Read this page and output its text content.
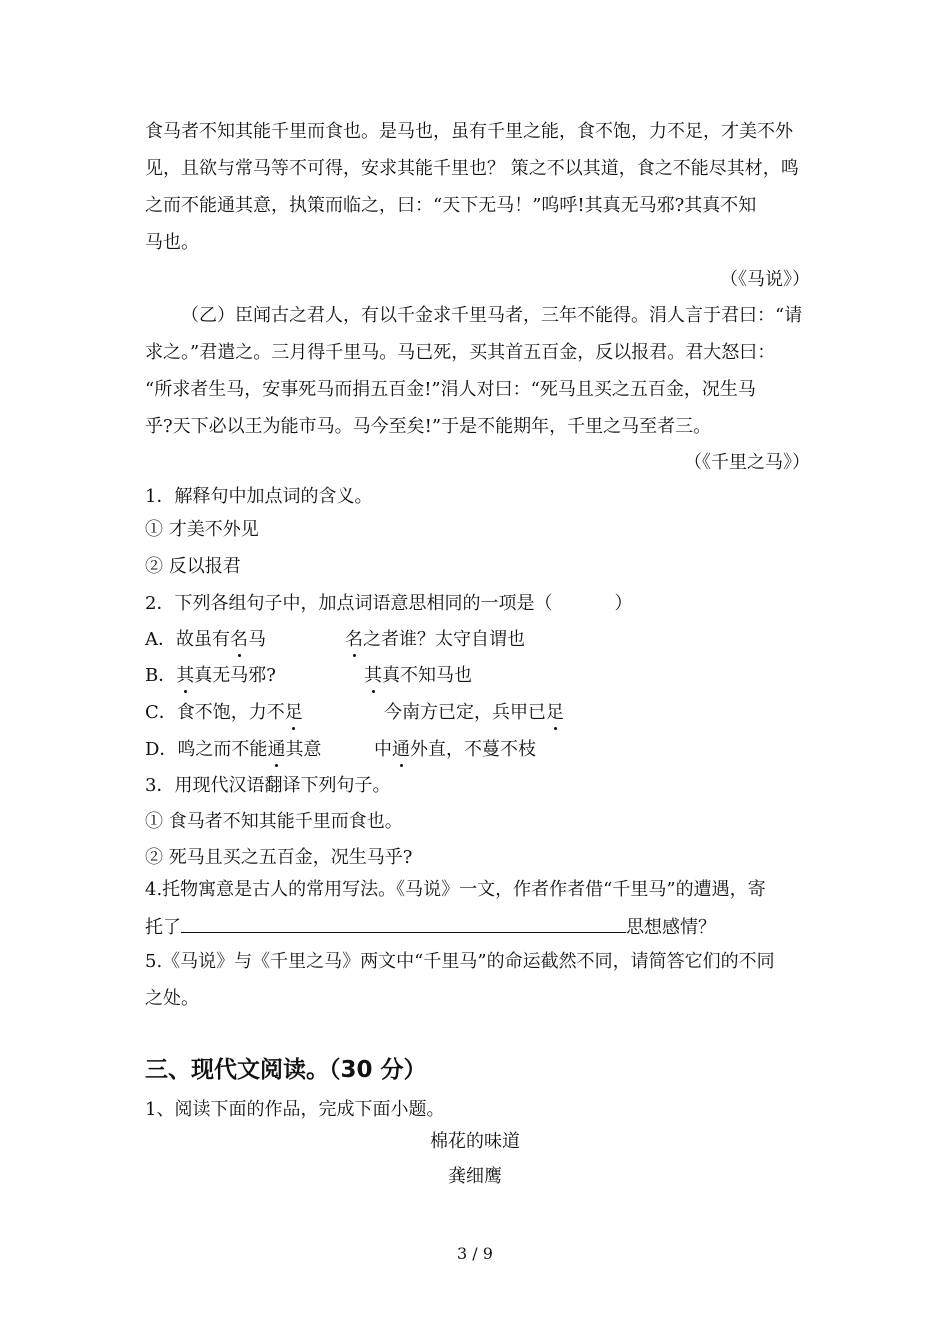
食马者不知其能千里而食也。是马也，虽有千里之能，食不饱，力不足，才美不外
见，且欲与常马等不可得，安求其能千里也？ 策之不以其道，食之不能尽其材，鸣
之而不能通其意，执策而临之，曰：“天下无马！”呜呼!其真无马邪?其真不知
马也。
（《马说》）
（乙）臣闻古之君人，有以千金求千里马者，三年不能得。涓人言于君曰：“请
求之。”君遣之。三月得千里马。马已死，买其首五百金，反以报君。君大怒曰：
“所求者生马，安事死马而捐五百金!”涓人对曰：“死马且买之五百金，况生马
乎?天下必以王为能市马。马今至矣!”于是不能期年，千里之马至者三。
（《千里之马》）
1．解释句中加点词的含义。
① 才美不外见
② 反以报君
2．下列各组句子中，加点词语意思相同的一项是（	）
A．故虽有名马	名之者谁？太守自谓也
B．其真无马邪?	其真不知马也
C．食不饱，力不足	今南方已定，兵甲已足
D．鸣之而不能通其意	中通外直，不蔓不枝
3．用现代汉语翻译下列句子。
① 食马者不知其能千里而食也。
② 死马且买之五百金，况生马乎?
4.托物寓意是古人的常用写法。《马说》一文，作者作者借“千里马”的遭遇，寄
托了	思想感情？
5.《马说》与《千里之马》两文中“千里马”的命运截然不同，请简答它们的不同
之处。
三、现代文阅读。（30 分）
1、阅读下面的作品，完成下面小题。
棉花的味道
龚细鹰
3 / 9
